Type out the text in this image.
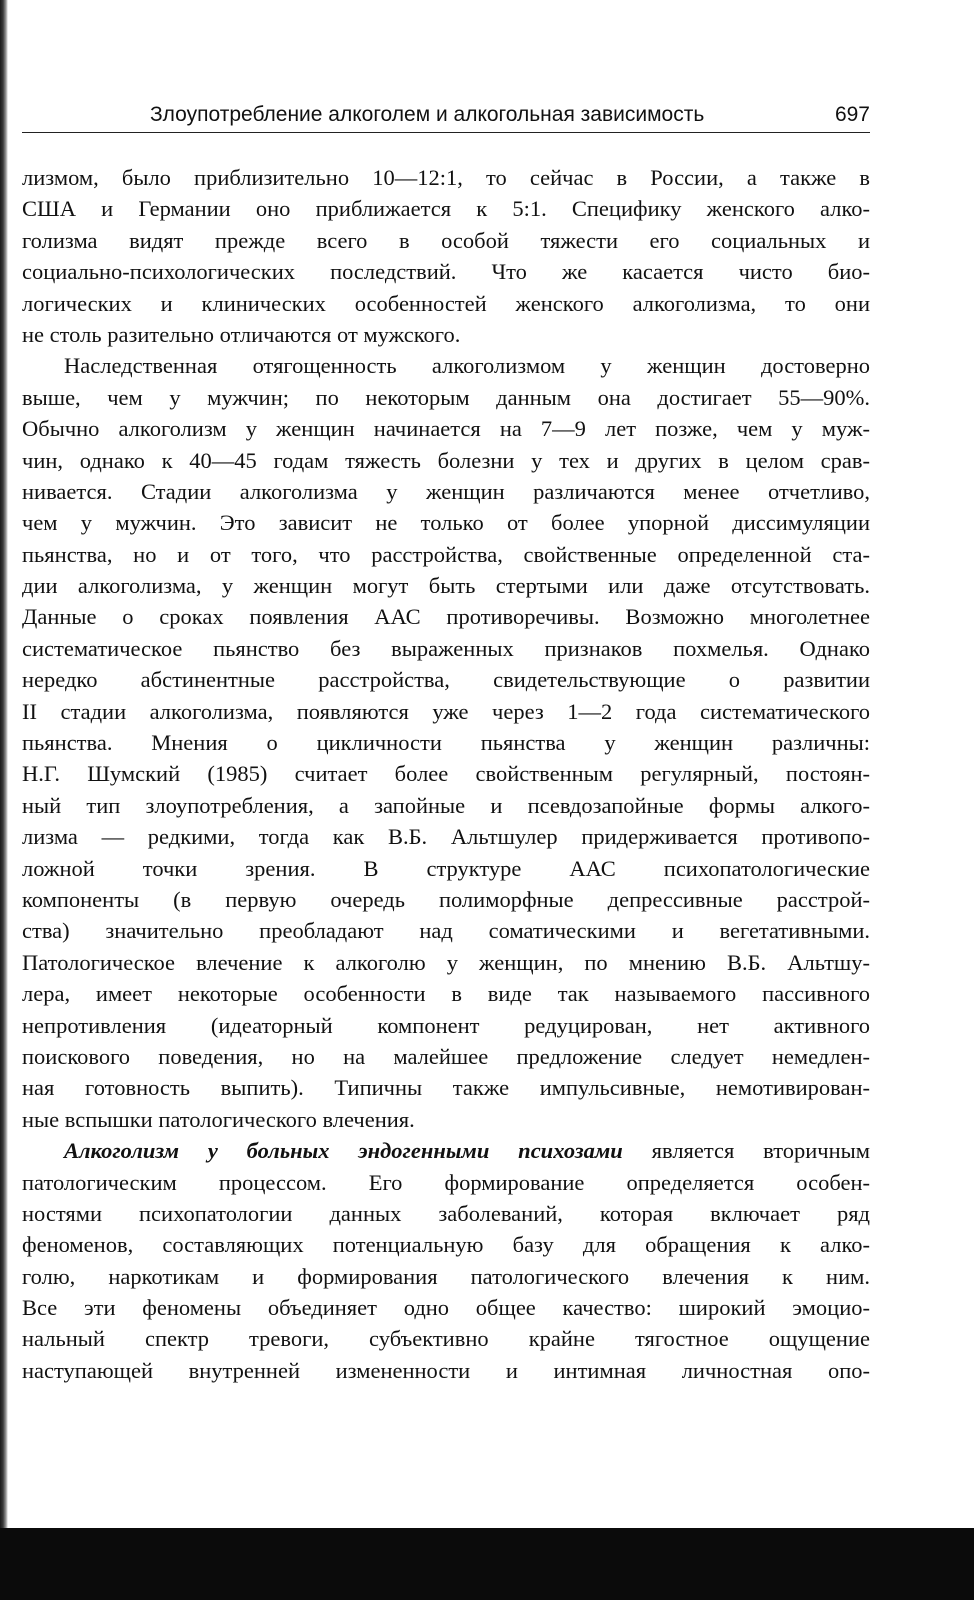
Злоупотребление алкоголем и алкогольная зависимость	697
лизмом, было приблизительно 10—12:1, то сейчас в России, а также в
США и Германии оно приближается к 5:1. Специфику женского алко-
голизма видят прежде всего в особой тяжести его социальных и
социально-психологических последствий. Что же касается чисто био-
логических и клинических особенностей женского алкоголизма, то они
не столь разительно отличаются от мужского.
Наследственная отягощенность алкоголизмом у женщин достоверно
выше, чем у мужчин; по некоторым данным она достигает 55—90%.
Обычно алкоголизм у женщин начинается на 7—9 лет позже, чем у муж-
чин, однако к 40—45 годам тяжесть болезни у тех и других в целом срав-
нивается. Стадии алкоголизма у женщин различаются менее отчетливо,
чем у мужчин. Это зависит не только от более упорной диссимуляции
пьянства, но и от того, что расстройства, свойственные определенной ста-
дии алкоголизма, у женщин могут быть стертыми или даже отсутствовать.
Данные о сроках появления ААС противоречивы. Возможно многолетнее
систематическое пьянство без выраженных признаков похмелья. Однако
нередко абстинентные расстройства, свидетельствующие о развитии
II стадии алкоголизма, появляются уже через 1—2 года систематического
пьянства. Мнения о цикличности пьянства у женщин различны:
Н.Г. Шумский (1985) считает более свойственным регулярный, постоян-
ный тип злоупотребления, а запойные и псевдозапойные формы алкого-
лизма — редкими, тогда как В.Б. Альтшулер придерживается противопо-
ложной точки зрения. В структуре ААС психопатологические
компоненты (в первую очередь полиморфные депрессивные расстрой-
ства) значительно преобладают над соматическими и вегетативными.
Патологическое влечение к алкоголю у женщин, по мнению В.Б. Альтшу-
лера, имеет некоторые особенности в виде так называемого пассивного
непротивления (идеаторный компонент редуцирован, нет активного
поискового поведения, но на малейшее предложение следует немедлен-
ная готовность выпить). Типичны также импульсивные, немотивирован-
ные вспышки патологического влечения.
Алкоголизм у больных эндогенными психозами является вторичным
патологическим процессом. Его формирование определяется особен-
ностями психопатологии данных заболеваний, которая включает ряд
феноменов, составляющих потенциальную базу для обращения к алко-
голю, наркотикам и формирования патологического влечения к ним.
Все эти феномены объединяет одно общее качество: широкий эмоцио-
нальный спектр тревоги, субъективно крайне тягостное ощущение
наступающей внутренней измененности и интимная личностная опо-
